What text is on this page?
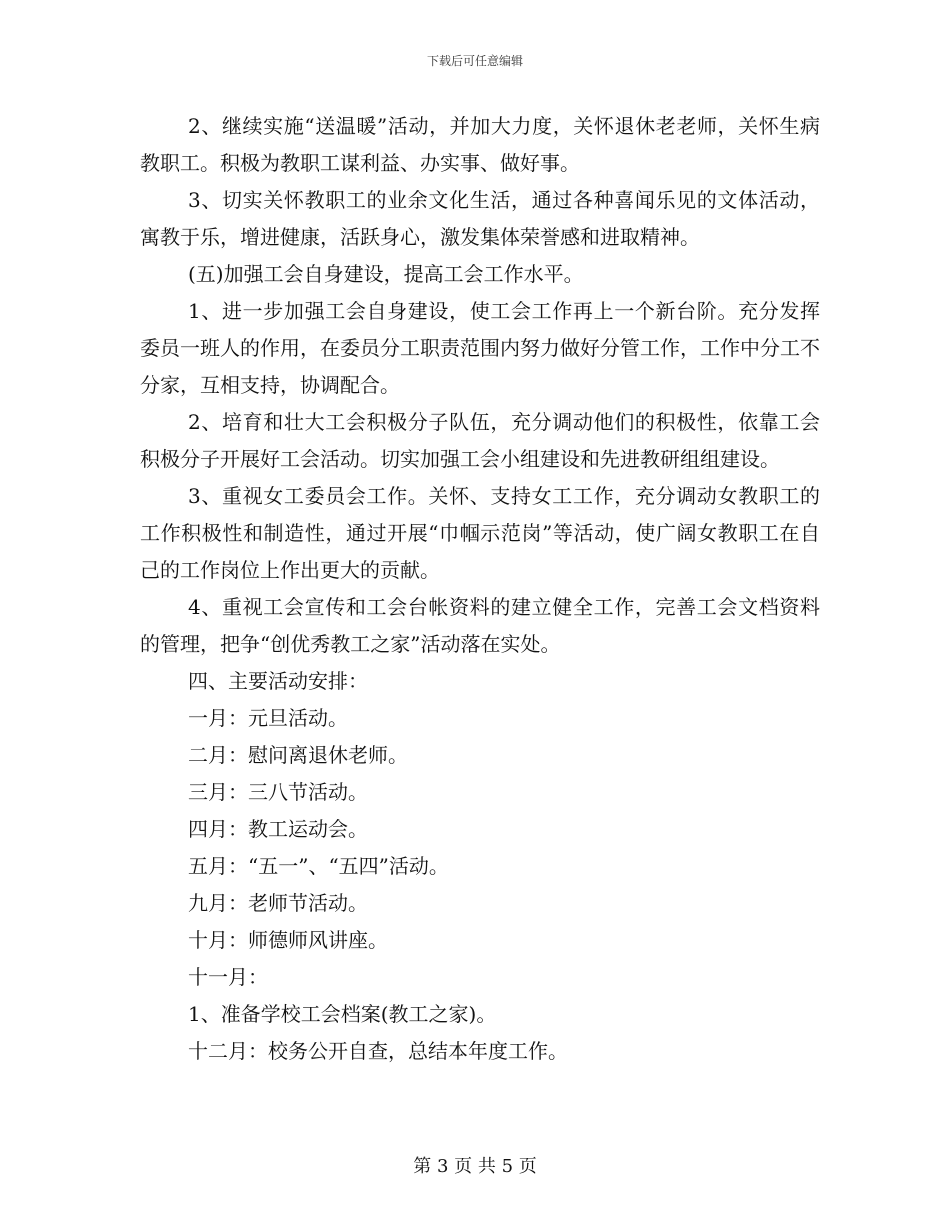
下载后可任意编辑

2、继续实施“送温暖”活动，并加大力度，关怀退休老老师，关怀生病教职工。积极为教职工谋利益、办实事、做好事。

3、切实关怀教职工的业余文化生活，通过各种喜闻乐见的文体活动，寓教于乐，增进健康，活跃身心，激发集体荣誉感和进取精神。

(五)加强工会自身建设，提高工会工作水平。

1、进一步加强工会自身建设，使工会工作再上一个新台阶。充分发挥委员一班人的作用，在委员分工职责范围内努力做好分管工作，工作中分工不分家，互相支持，协调配合。

2、培育和壮大工会积极分子队伍，充分调动他们的积极性，依靠工会积极分子开展好工会活动。切实加强工会小组建设和先进教研组组建设。

3、重视女工委员会工作。关怀、支持女工工作，充分调动女教职工的工作积极性和制造性，通过开展“巾帼示范岗”等活动，使广阔女教职工在自己的工作岗位上作出更大的贡献。

4、重视工会宣传和工会台帐资料的建立健全工作，完善工会文档资料的管理，把争“创优秀教工之家”活动落在实处。

四、主要活动安排：

一月：元旦活动。

二月：慰问离退休老师。

三月：三八节活动。

四月：教工运动会。

五月：“五一”、“五四”活动。

九月：老师节活动。

十月：师德师风讲座。

十一月：

1、准备学校工会档案(教工之家)。

十二月：校务公开自查，总结本年度工作。

第 3 页 共 5 页
